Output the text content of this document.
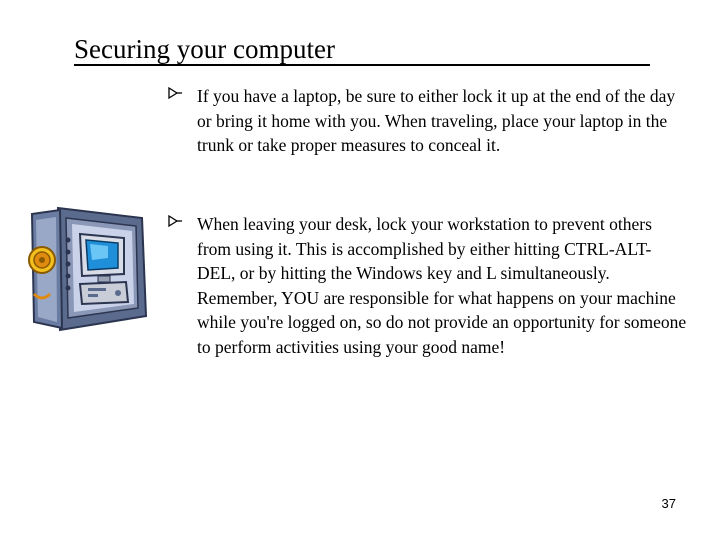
Securing your computer
If you have a laptop, be sure to either lock it up at the end of the day or bring it home with you. When traveling, place your laptop in the trunk or take proper measures to conceal it.
When leaving your desk, lock your workstation to prevent others from using it. This is accomplished by either hitting CTRL-ALT-DEL, or by hitting the Windows key and L simultaneously. Remember, YOU are responsible for what happens on your machine while you're logged on, so do not provide an opportunity for someone to perform activities using your good name!
37
